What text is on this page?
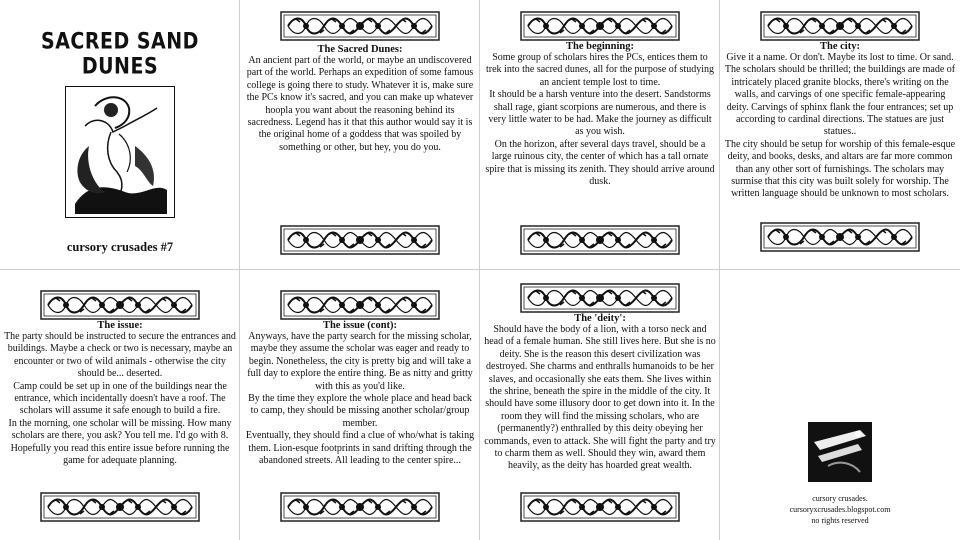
SACRED SAND DUNES
cursory crusades #7
The Sacred Dunes:

An ancient part of the world, or maybe an undiscovered part of the world. Perhaps an expedition of some famous college is going there to study. Whatever it is, make sure the PCs know it's sacred, and you can make up whatever hoopla you want about the reasoning behind its sacredness. Legend has it that this author would say it is the original home of a goddess that was spoiled by something or other, but hey, you do you.

The beginning:

Some group of scholars hires the PCs, entices them to trek into the sacred dunes, all for the purpose of studying an ancient temple lost to time.

It should be a harsh venture into the desert. Sandstorms shall rage, giant scorpions are numerous, and there is very little water to be had. Make the journey as difficult as you wish.

On the horizon, after several days travel, should be a large ruinous city, the center of which has a tall ornate spire that is missing its zenith. They should arrive around dusk.

The city:

Give it a name. Or don't. Maybe its lost to time. Or sand. The scholars should be thrilled; the buildings are made of intricately placed granite blocks, there's writing on the walls, and carvings of one specific female-appearing deity. Carvings of sphinx flank the four entrances; set up according to cardinal directions. The statues are just statues..

The city should be setup for worship of this female-esque deity, and books, desks, and altars are far more common than any other sort of furnishings. The scholars may surmise that this city was built solely for worship. The written language should be unknown to most scholars.

The issue:

The party should be instructed to secure the entrances and buildings. Maybe a check or two is necessary, maybe an encounter or two of wild animals - otherwise the city should be... deserted.

Camp could be set up in one of the buildings near the entrance, which incidentally doesn't have a roof. The scholars will assume it safe enough to build a fire.

In the morning, one scholar will be missing. How many scholars are there, you ask? You tell me. I'd go with 8. Hopefully you read this entire issue before running the game for adequate planning.

The issue (cont):

Anyways, have the party search for the missing scholar, maybe they assume the scholar was eager and ready to begin. Nonetheless, the city is pretty big and will take a full day to explore the entire thing. Be as nitty and gritty with this as you'd like.

By the time they explore the whole place and head back to camp, they should be missing another scholar/group member.

Eventually, they should find a clue of who/what is taking them. Lion-esque footprints in sand drifting through the abandoned streets. All leading to the center spire...

The 'deity':

Should have the body of a lion, with a torso neck and head of a female human. She still lives here. But she is no deity. She is the reason this desert civilization was destroyed. She charms and enthralls humanoids to be her slaves, and occasionally she eats them. She lives within the shrine, beneath the spire in the middle of the city. It should have some illusory door to get down into it. In the room they will find the missing scholars, who are (permanently?) enthralled by this deity obeying her commands, even to attack. She will fight the party and try to charm them as well. Should they win, award them heavily, as the deity has hoarded great wealth.

cursory crusades.
cursoryxcrusades.blogspot.com
no rights reserved
